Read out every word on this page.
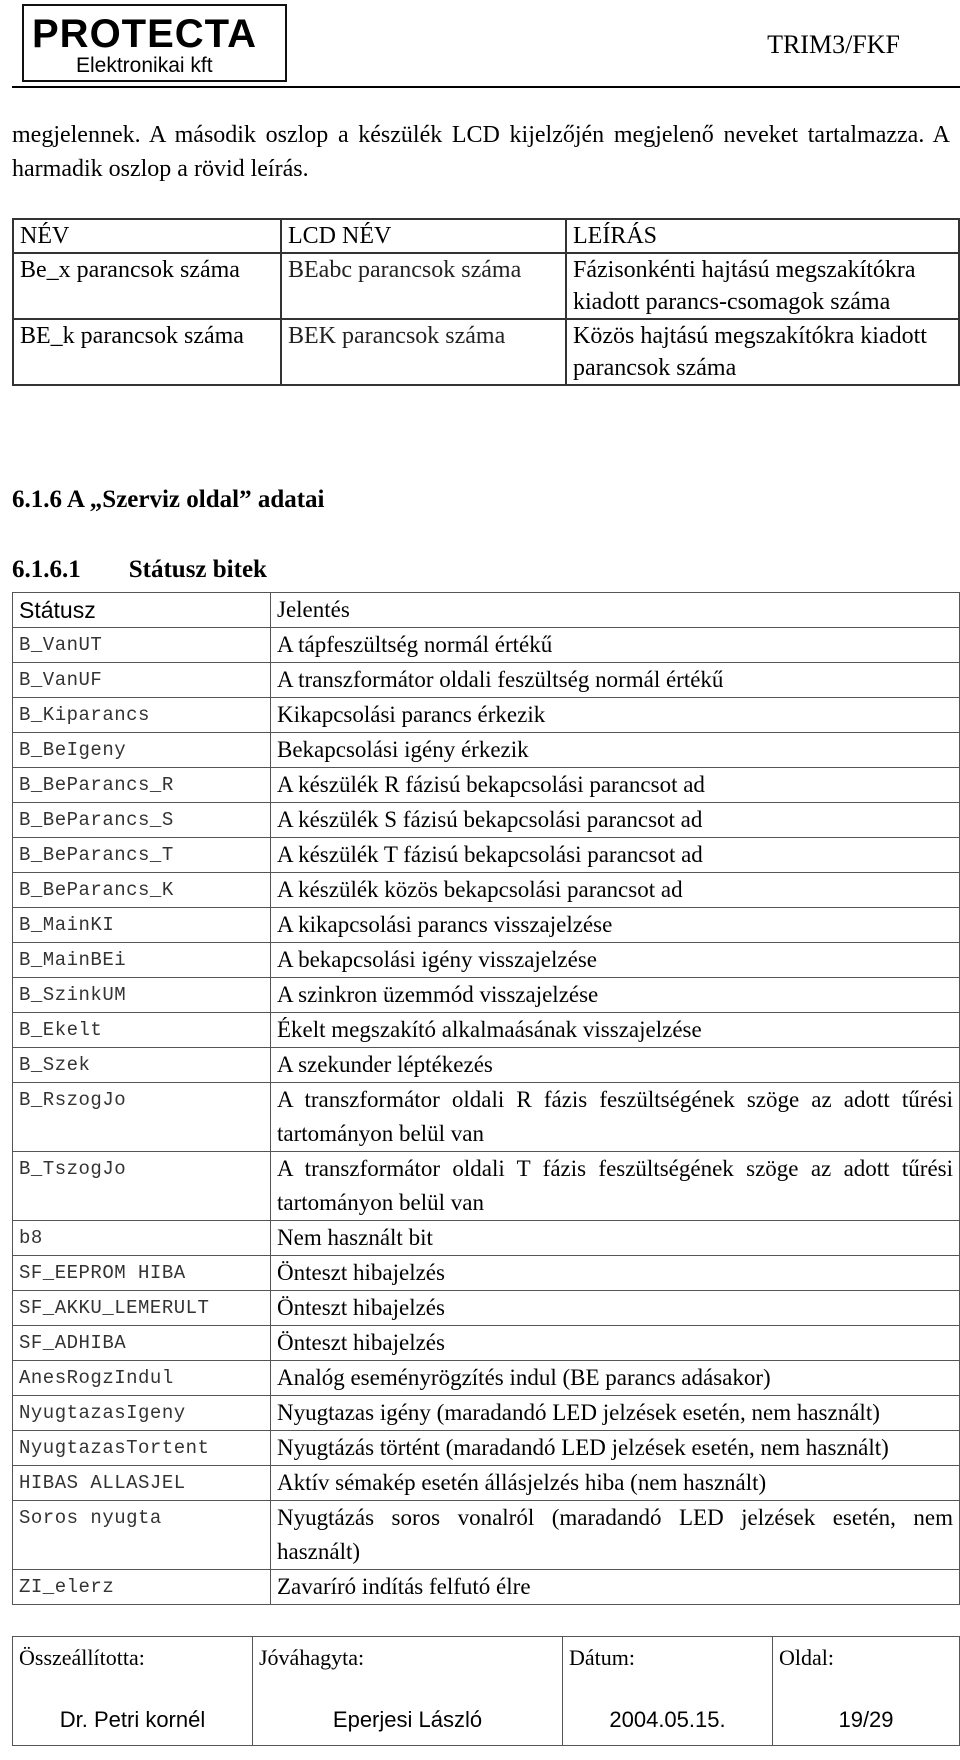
PROTECTA
Elektronikai kft
TRIM3/FKF
megjelennek. A második oszlop a készülék LCD kijelzőjén megjelenő neveket tartalmazza. A harmadik oszlop a rövid leírás.
NÉV	LCD NÉV	LEÍRÁS
Be_x parancsok száma	BEabc parancsok száma	Fázisonkénti hajtású megszakítókra kiadott parancs-csomagok száma
BE_k parancsok száma	BEK parancsok száma	Közös hajtású megszakítókra kiadott parancsok száma
6.1.6 A „Szerviz oldal” adatai
6.1.6.1 Státusz bitek
Státusz	Jelentés
B_VanUT	A tápfeszültség normál értékű
B_VanUF	A transzformátor oldali feszültség normál értékű
B_Kiparancs	Kikapcsolási parancs érkezik
B_BeIgeny	Bekapcsolási igény érkezik
B_BeParancs_R	A készülék R fázisú bekapcsolási parancsot ad
B_BeParancs_S	A készülék S fázisú bekapcsolási parancsot ad
B_BeParancs_T	A készülék T fázisú bekapcsolási parancsot ad
B_BeParancs_K	A készülék közös bekapcsolási parancsot ad
B_MainKI	A kikapcsolási parancs visszajelzése
B_MainBEi	A bekapcsolási igény visszajelzése
B_SzinkUM	A szinkron üzemmód visszajelzése
B_Ekelt	Ékelt megszakító alkalmaásának visszajelzése
B_Szek	A szekunder léptékezés
B_RszogJo	A transzformátor oldali R fázis feszültségének szöge az adott tűrési tartományon belül van
B_TszogJo	A transzformátor oldali T fázis feszültségének szöge az adott tűrési tartományon belül van
b8	Nem használt bit
SF_EEPROM HIBA	Önteszt hibajelzés
SF_AKKU_LEMERULT	Önteszt hibajelzés
SF_ADHIBA	Önteszt hibajelzés
AnesRogzIndul	Analóg eseményrögzítés indul (BE parancs adásakor)
NyugtazasIgeny	Nyugtazas igény (maradandó LED jelzések esetén, nem használt)
NyugtazasTortent	Nyugtázás történt (maradandó LED jelzések esetén, nem használt)
HIBAS ALLASJEL	Aktív sémakép esetén állásjelzés hiba (nem használt)
Soros nyugta	Nyugtázás soros vonalról (maradandó LED jelzések esetén, nem használt)
ZI_elerz	Zavaríró indítás felfutó élre
Összeállította:	Jóváhagyta:	Dátum:	Oldal:
Dr. Petri kornél	Eperjesi László	2004.05.15.	19/29
